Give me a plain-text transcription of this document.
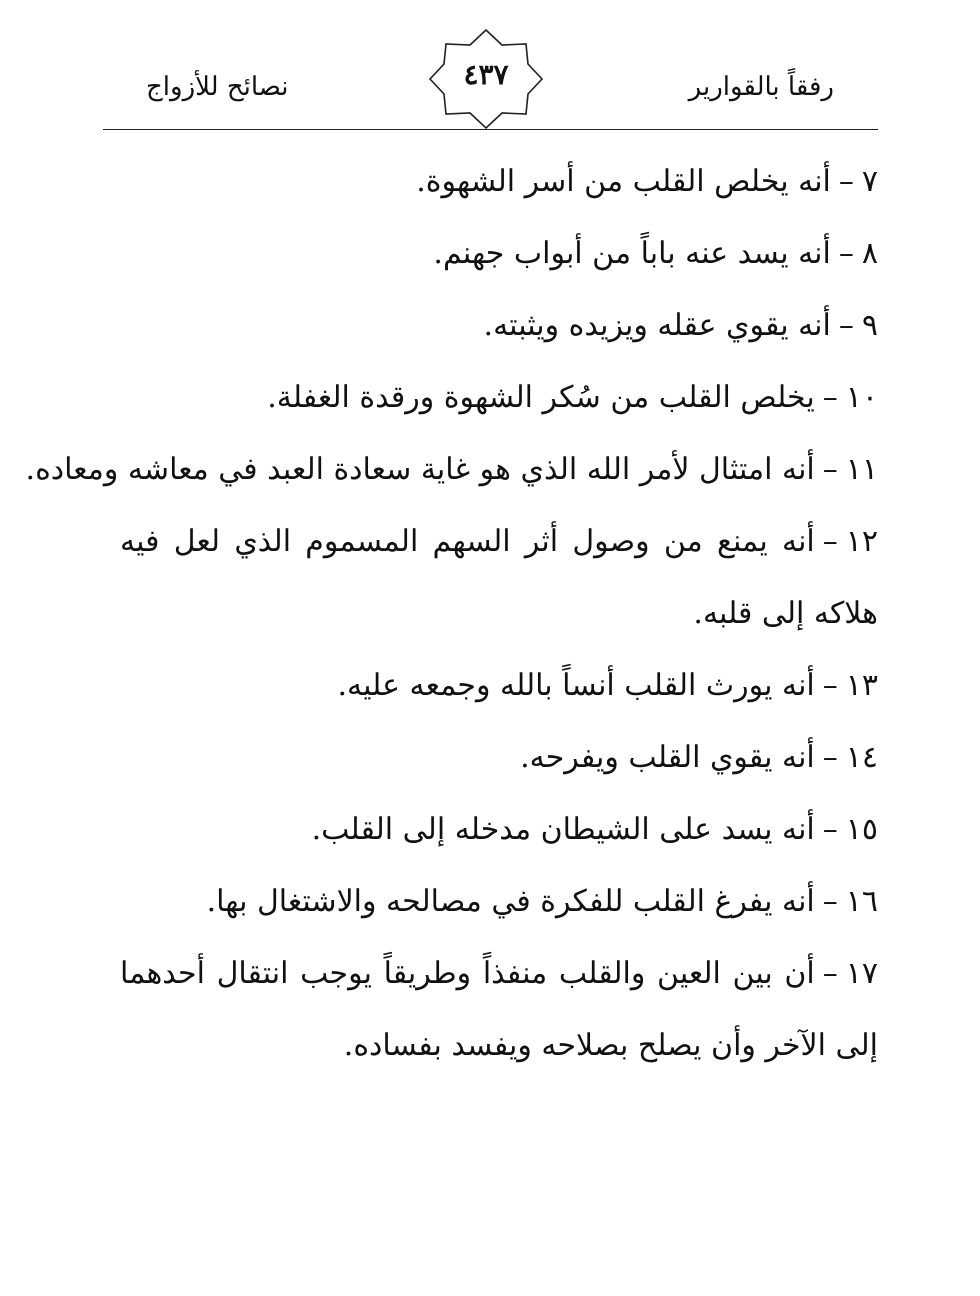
رفقاً بالقوارير
٤٣٧
نصائح للأزواج

٧–أنه يخلص القلب من أسر الشهوة.

٨–أنه يسد عنه باباً من أبواب جهنم.

٩–أنه يقوي عقله ويزيده ويثبته.

١٠–يخلص القلب من سُكر الشهوة ورقدة الغفلة.

١١–أنه امتثال لأمر الله الذي هو غاية سعادة العبد في معاشه ومعاده.

١٢–أنه يمنع من وصول أثر السهم المسموم الذي لعل فيه هلاكه إلى قلبه.

١٣–أنه يورث القلب أنساً بالله وجمعه عليه.

١٤–أنه يقوي القلب ويفرحه.

١٥–أنه يسد على الشيطان مدخله إلى القلب.

١٦–أنه يفرغ القلب للفكرة في مصالحه والاشتغال بها.

١٧–أن بين العين والقلب منفذاً وطريقاً يوجب انتقال أحدهما إلى الآخر وأن يصلح بصلاحه ويفسد بفساده.
